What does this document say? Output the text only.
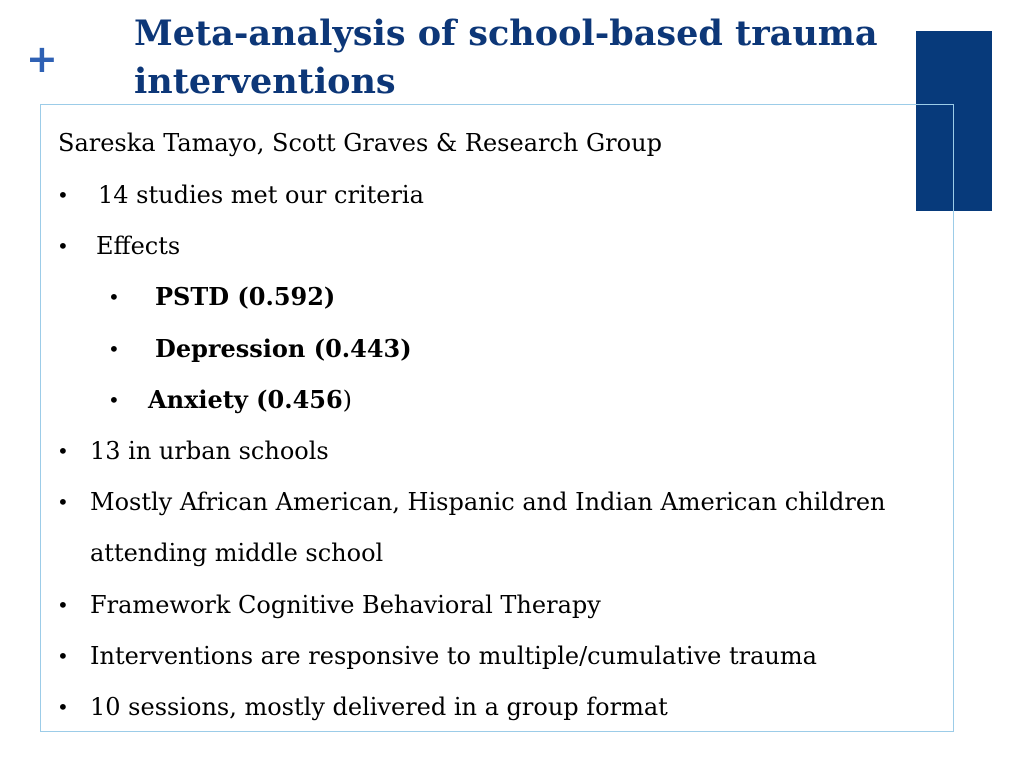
+
Meta-analysis of school-based trauma interventions
Sareska Tamayo, Scott Graves & Research Group
• 14 studies met our criteria
• Effects
• PSTD (0.592)
• Depression (0.443)
• Anxiety (0.456)
• 13 in urban schools
• Mostly African American, Hispanic and Indian American children
attending middle school
• Framework Cognitive Behavioral Therapy
• Interventions are responsive to multiple/cumulative trauma
• 10 sessions, mostly delivered in a group format
